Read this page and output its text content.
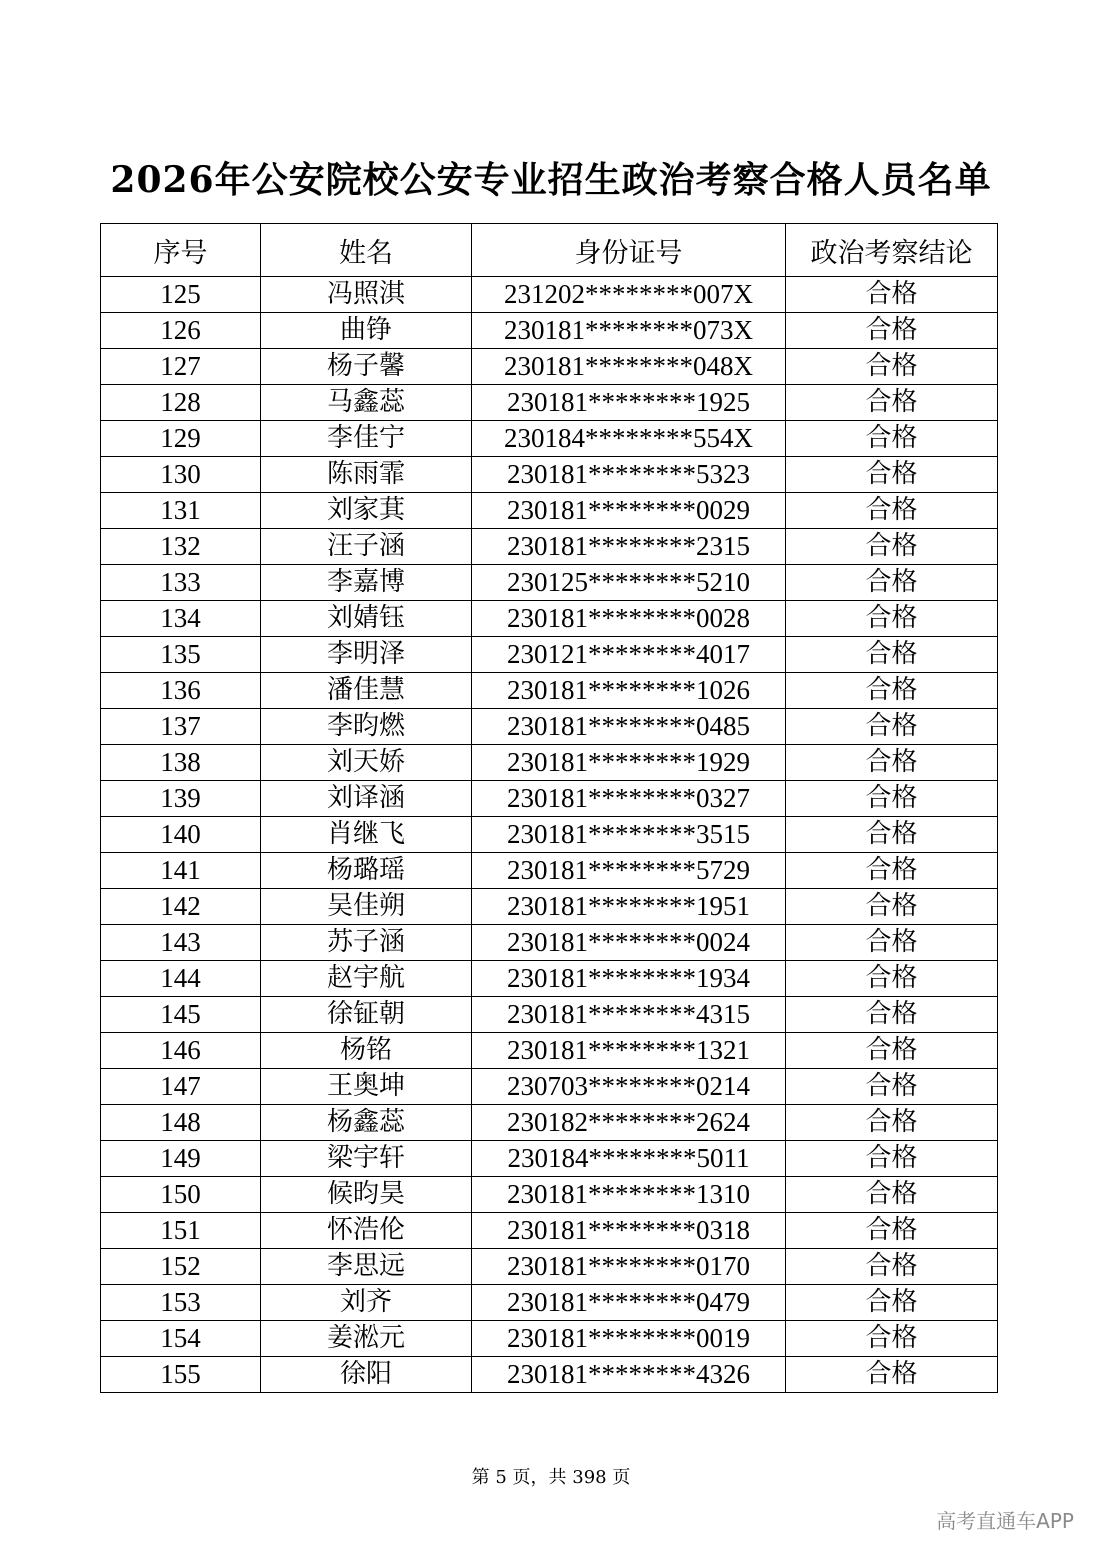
2026年公安院校公安专业招生政治考察合格人员名单
序号	姓名	身份证号	政治考察结论
125	冯照淇	231202********007X	合格
126	曲铮	230181********073X	合格
127	杨子馨	230181********048X	合格
128	马鑫蕊	230181********1925	合格
129	李佳宁	230184********554X	合格
130	陈雨霏	230181********5323	合格
131	刘家萁	230181********0029	合格
132	汪子涵	230181********2315	合格
133	李嘉博	230125********5210	合格
134	刘婧钰	230181********0028	合格
135	李明泽	230121********4017	合格
136	潘佳慧	230181********1026	合格
137	李昀燃	230181********0485	合格
138	刘天娇	230181********1929	合格
139	刘译涵	230181********0327	合格
140	肖继飞	230181********3515	合格
141	杨璐瑶	230181********5729	合格
142	吴佳朔	230181********1951	合格
143	苏子涵	230181********0024	合格
144	赵宇航	230181********1934	合格
145	徐钲朝	230181********4315	合格
146	杨铭	230181********1321	合格
147	王奥坤	230703********0214	合格
148	杨鑫蕊	230182********2624	合格
149	梁宇轩	230184********5011	合格
150	候昀昊	230181********1310	合格
151	怀浩伦	230181********0318	合格
152	李思远	230181********0170	合格
153	刘齐	230181********0479	合格
154	姜淞元	230181********0019	合格
155	徐阳	230181********4326	合格
第 5 页，共 398 页
高考直通车APP
